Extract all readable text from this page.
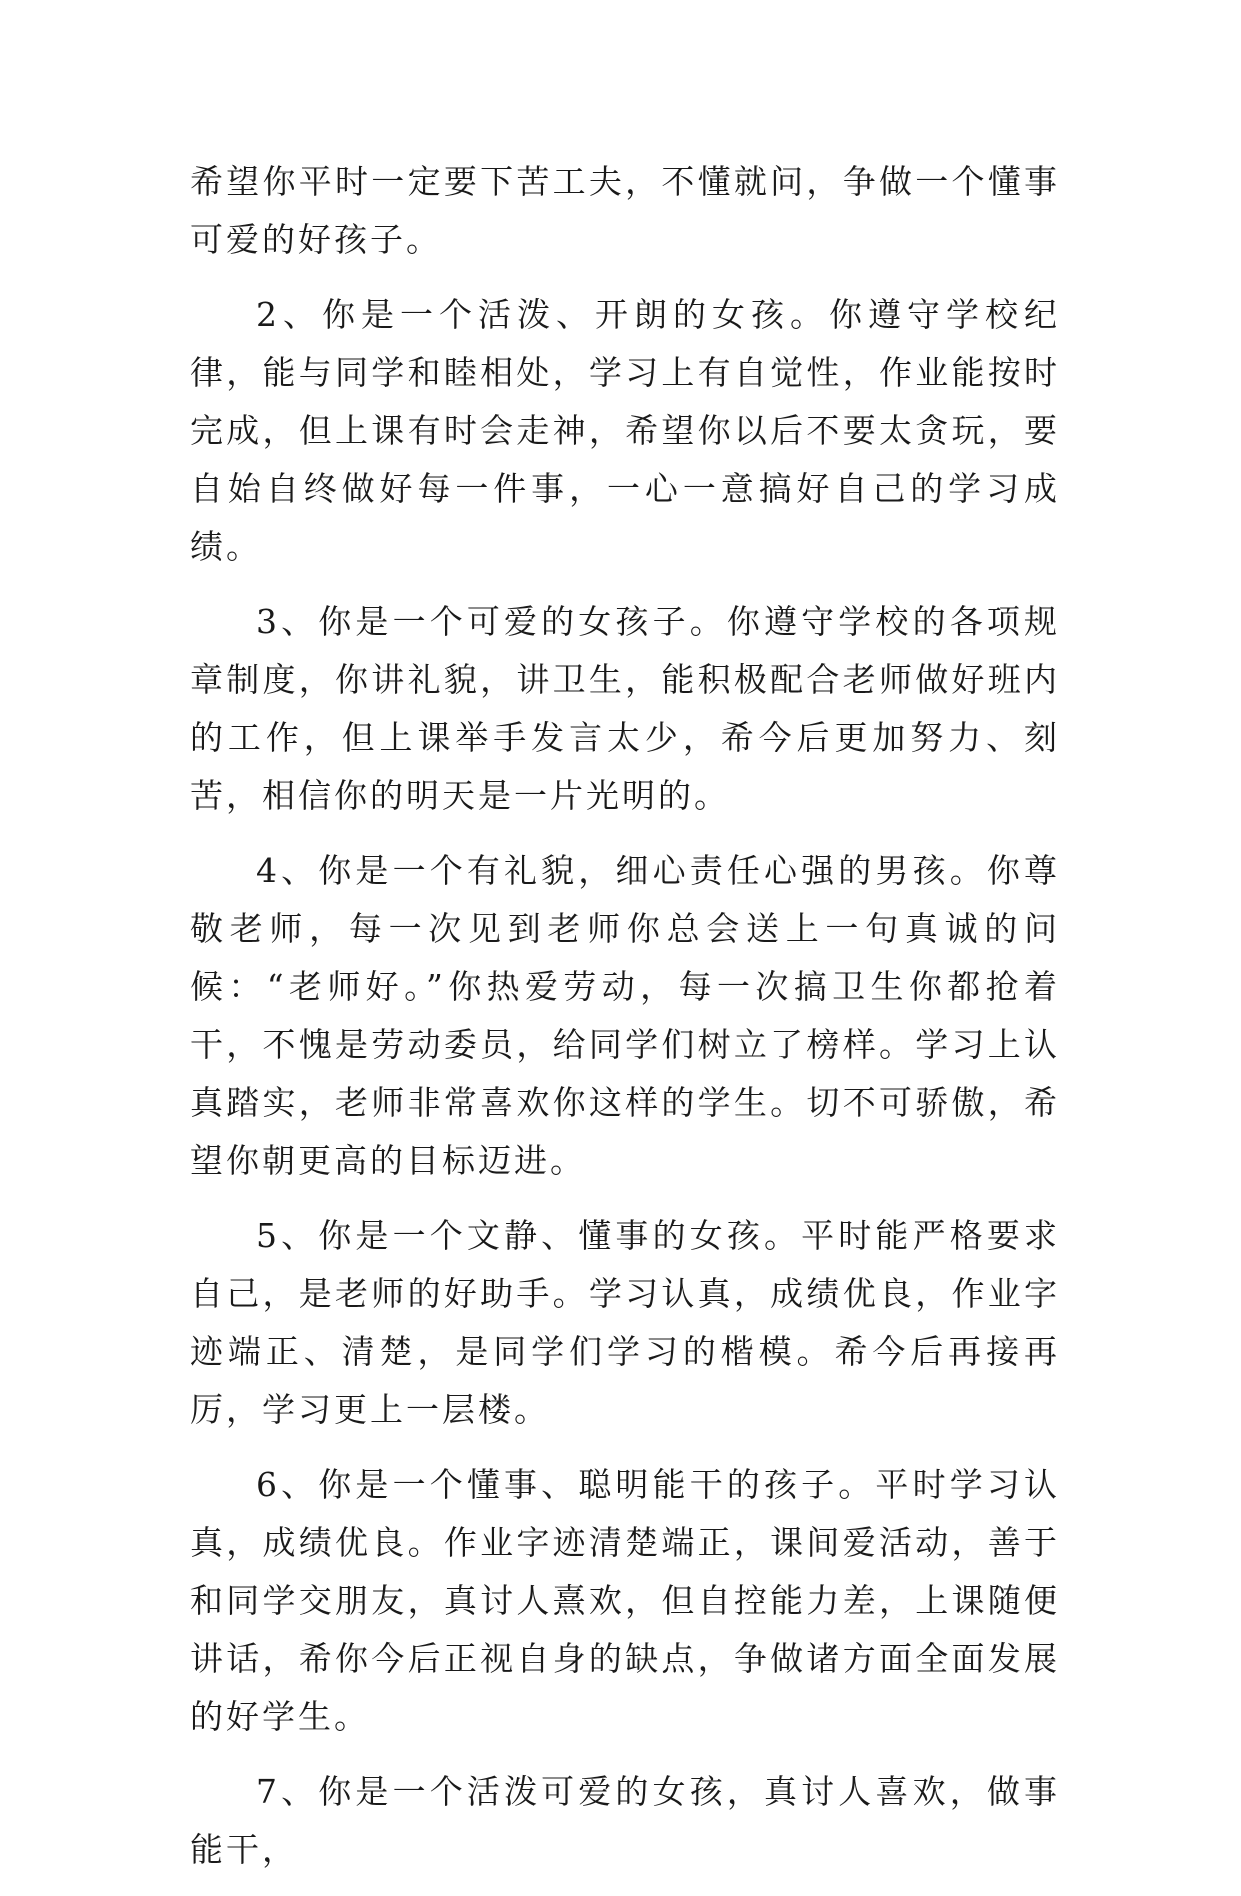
希望你平时一定要下苦工夫，不懂就问，争做一个懂事可爱的好孩子。

2、你是一个活泼、开朗的女孩。你遵守学校纪律，能与同学和睦相处，学习上有自觉性，作业能按时完成，但上课有时会走神，希望你以后不要太贪玩，要自始自终做好每一件事，一心一意搞好自己的学习成绩。

3、你是一个可爱的女孩子。你遵守学校的各项规章制度，你讲礼貌，讲卫生，能积极配合老师做好班内的工作，但上课举手发言太少，希今后更加努力、刻苦，相信你的明天是一片光明的。

4、你是一个有礼貌，细心责任心强的男孩。你尊敬老师，每一次见到老师你总会送上一句真诚的问候：“老师好。”你热爱劳动，每一次搞卫生你都抢着干，不愧是劳动委员，给同学们树立了榜样。学习上认真踏实，老师非常喜欢你这样的学生。切不可骄傲，希望你朝更高的目标迈进。

5、你是一个文静、懂事的女孩。平时能严格要求自己，是老师的好助手。学习认真，成绩优良，作业字迹端正、清楚，是同学们学习的楷模。希今后再接再厉，学习更上一层楼。

6、你是一个懂事、聪明能干的孩子。平时学习认真，成绩优良。作业字迹清楚端正，课间爱活动，善于和同学交朋友，真讨人熹欢，但自控能力差，上课随便讲话，希你今后正视自身的缺点，争做诸方面全面发展的好学生。

7、你是一个活泼可爱的女孩，真讨人喜欢，做事能干，
